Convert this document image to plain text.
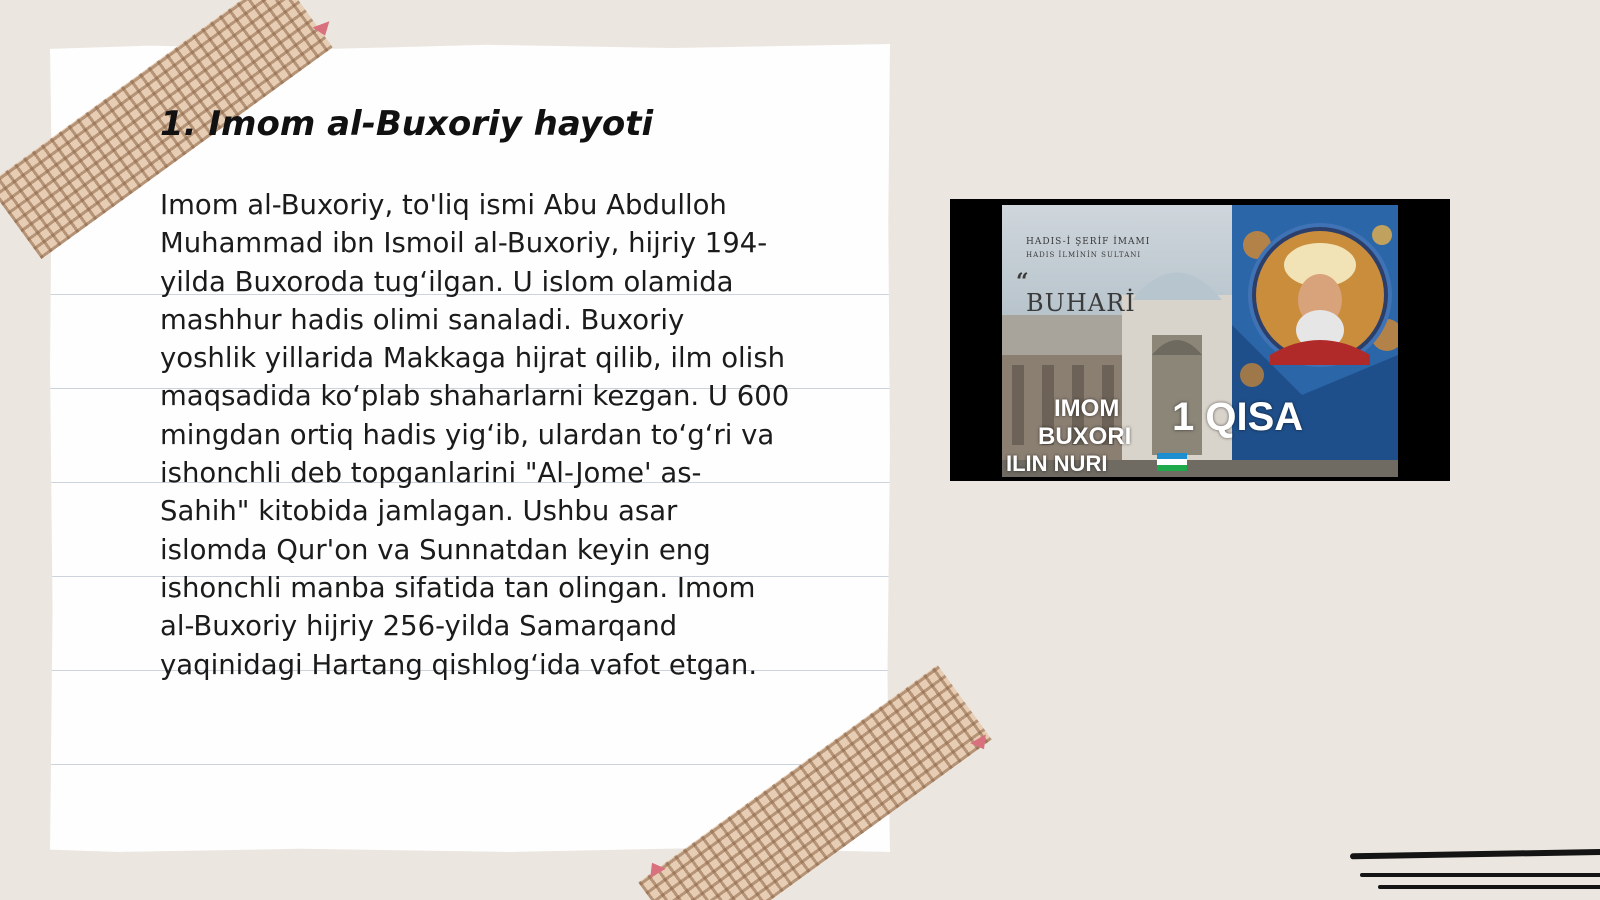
1. Imom al-Buxoriy hayoti
Imom al-Buxoriy, to'liq ismi Abu Abdulloh
Muhammad ibn Ismoil al-Buxoriy, hijriy 194-
yilda Buxoroda tug‘ilgan. U islom olamida
mashhur hadis olimi sanaladi. Buxoriy
yoshlik yillarida Makkaga hijrat qilib, ilm olish
maqsadida ko‘plab shaharlarni kezgan. U 600
mingdan ortiq hadis yig‘ib, ulardan to‘g‘ri va
ishonchli deb topganlarini "Al-Jome' as-
Sahih" kitobida jamlagan. Ushbu asar
islomda Qur'on va Sunnatdan keyin eng
ishonchli manba sifatida tan olingan. Imom
al-Buxoriy hijriy 256-yilda Samarqand
yaqinidagi Hartang qishlog‘ida vafot etgan.
HADIS-İ ŞERİF İMAMI
HADIS İLMİNİN SULTANI
“
BUHARİ
IMOM
BUXORI 1 QISA
ILIN NURI
